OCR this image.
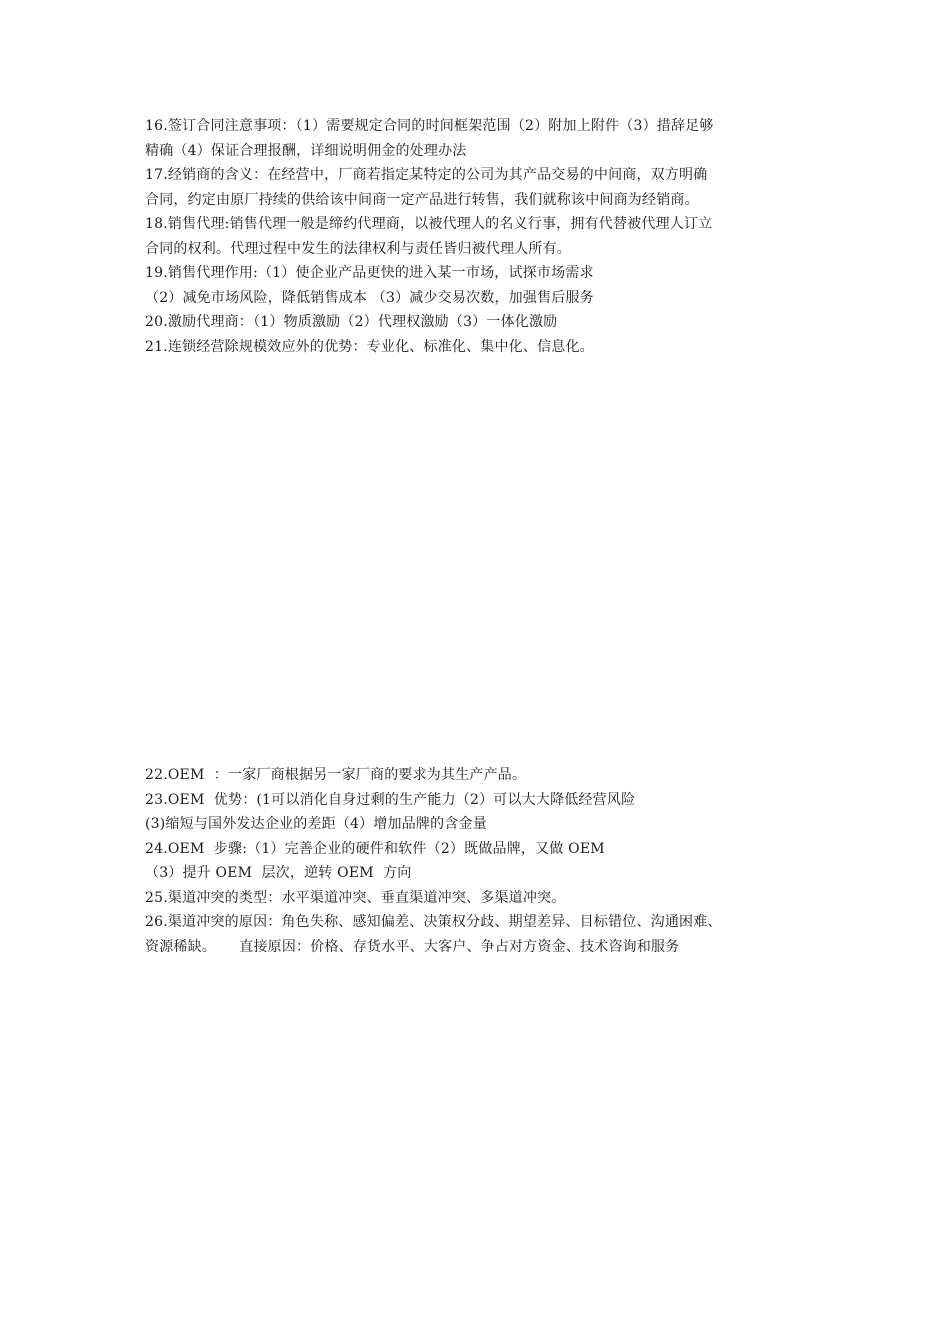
16.签订合同注意事项：（1）需要规定合同的时间框架范围（2）附加上附件（3）措辞足够
精确（4）保证合理报酬，详细说明佣金的处理办法
17.经销商的含义：在经营中，厂商若指定某特定的公司为其产品交易的中间商，双方明确
合同，约定由原厂持续的供给该中间商一定产品进行转售，我们就称该中间商为经销商。
18.销售代理:销售代理一般是缔约代理商，以被代理人的名义行事，拥有代替被代理人订立
合同的权利。代理过程中发生的法律权利与责任皆归被代理人所有。
19.销售代理作用:（1）使企业产品更快的进入某一市场，试探市场需求
（2）减免市场风险，降低销售成本 （3）减少交易次数，加强售后服务
20.激励代理商：（1）物质激励（2）代理权激励（3）一体化激励
21.连锁经营除规模效应外的优势：专业化、标准化、集中化、信息化。
22.OEM  ：一家厂商根据另一家厂商的要求为其生产产品。
23.OEM  优势：(1可以消化自身过剩的生产能力（2）可以大大降低经营风险
(3)缩短与国外发达企业的差距（4）增加品牌的含金量
24.OEM  步骤:（1）完善企业的硬件和软件（2）既做品牌，又做 OEM
（3）提升 OEM  层次，逆转 OEM  方向
25.渠道冲突的类型：水平渠道冲突、垂直渠道冲突、多渠道冲突。
26.渠道冲突的原因：角色失称、感知偏差、决策权分歧、期望差异、目标错位、沟通困难、
资源稀缺。     直接原因：价格、存货水平、大客户、争占对方资金、技术咨询和服务
